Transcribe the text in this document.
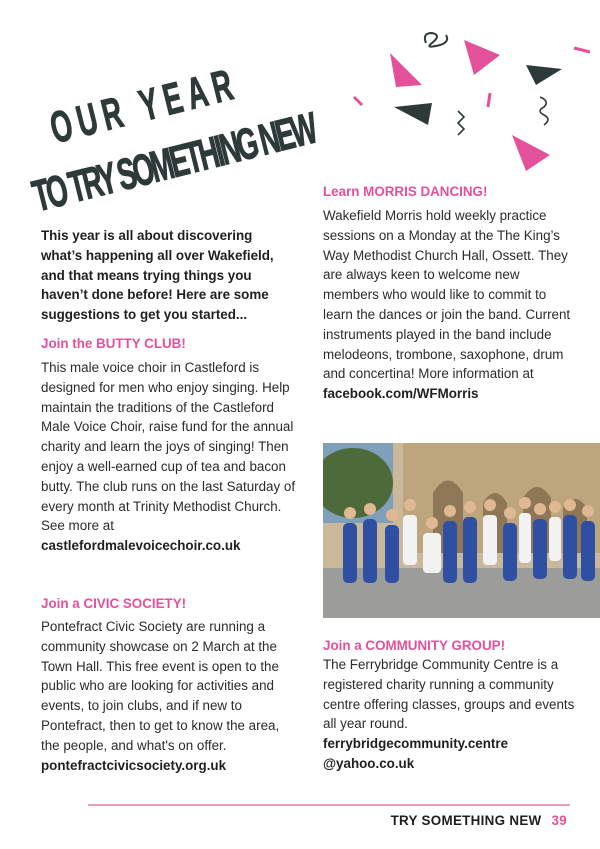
OUR YEAR
TO TRY SOMETHING NEW
This year is all about discovering what’s happening all over Wakefield, and that means trying things you haven’t done before! Here are some suggestions to get you started...
Join the BUTTY CLUB!

This male voice choir in Castleford is designed for men who enjoy singing. Help maintain the traditions of the Castleford Male Voice Choir, raise fund for the annual charity and learn the joys of singing! Then enjoy a well-earned cup of tea and bacon butty. The club runs on the last Saturday of every month at Trinity Methodist Church. See more at

castlefordmalevoicechoir.co.uk

Join a CIVIC SOCIETY!

Pontefract Civic Society are running a community showcase on 2 March at the Town Hall. This free event is open to the public who are looking for activities and events, to join clubs, and if new to Pontefract, then to get to know the area, the people, and what's on offer. pontefractcivicsociety.org.uk

Learn MORRIS DANCING!

Wakefield Morris hold weekly practice sessions on a Monday at the The King’s Way Methodist Church Hall, Ossett. They are always keen to welcome new members who would like to commit to learn the dances or join the band. Current instruments played in the band include melodeons, trombone, saxophone, drum and concertina! More information at

facebook.com/WFMorris

Join a COMMUNITY GROUP!

The Ferrybridge Community Centre is a registered charity running a community centre offering classes, groups and events all year round.

ferrybridgecommunity.centre

@yahoo.co.uk

TRY SOMETHING NEW 39
